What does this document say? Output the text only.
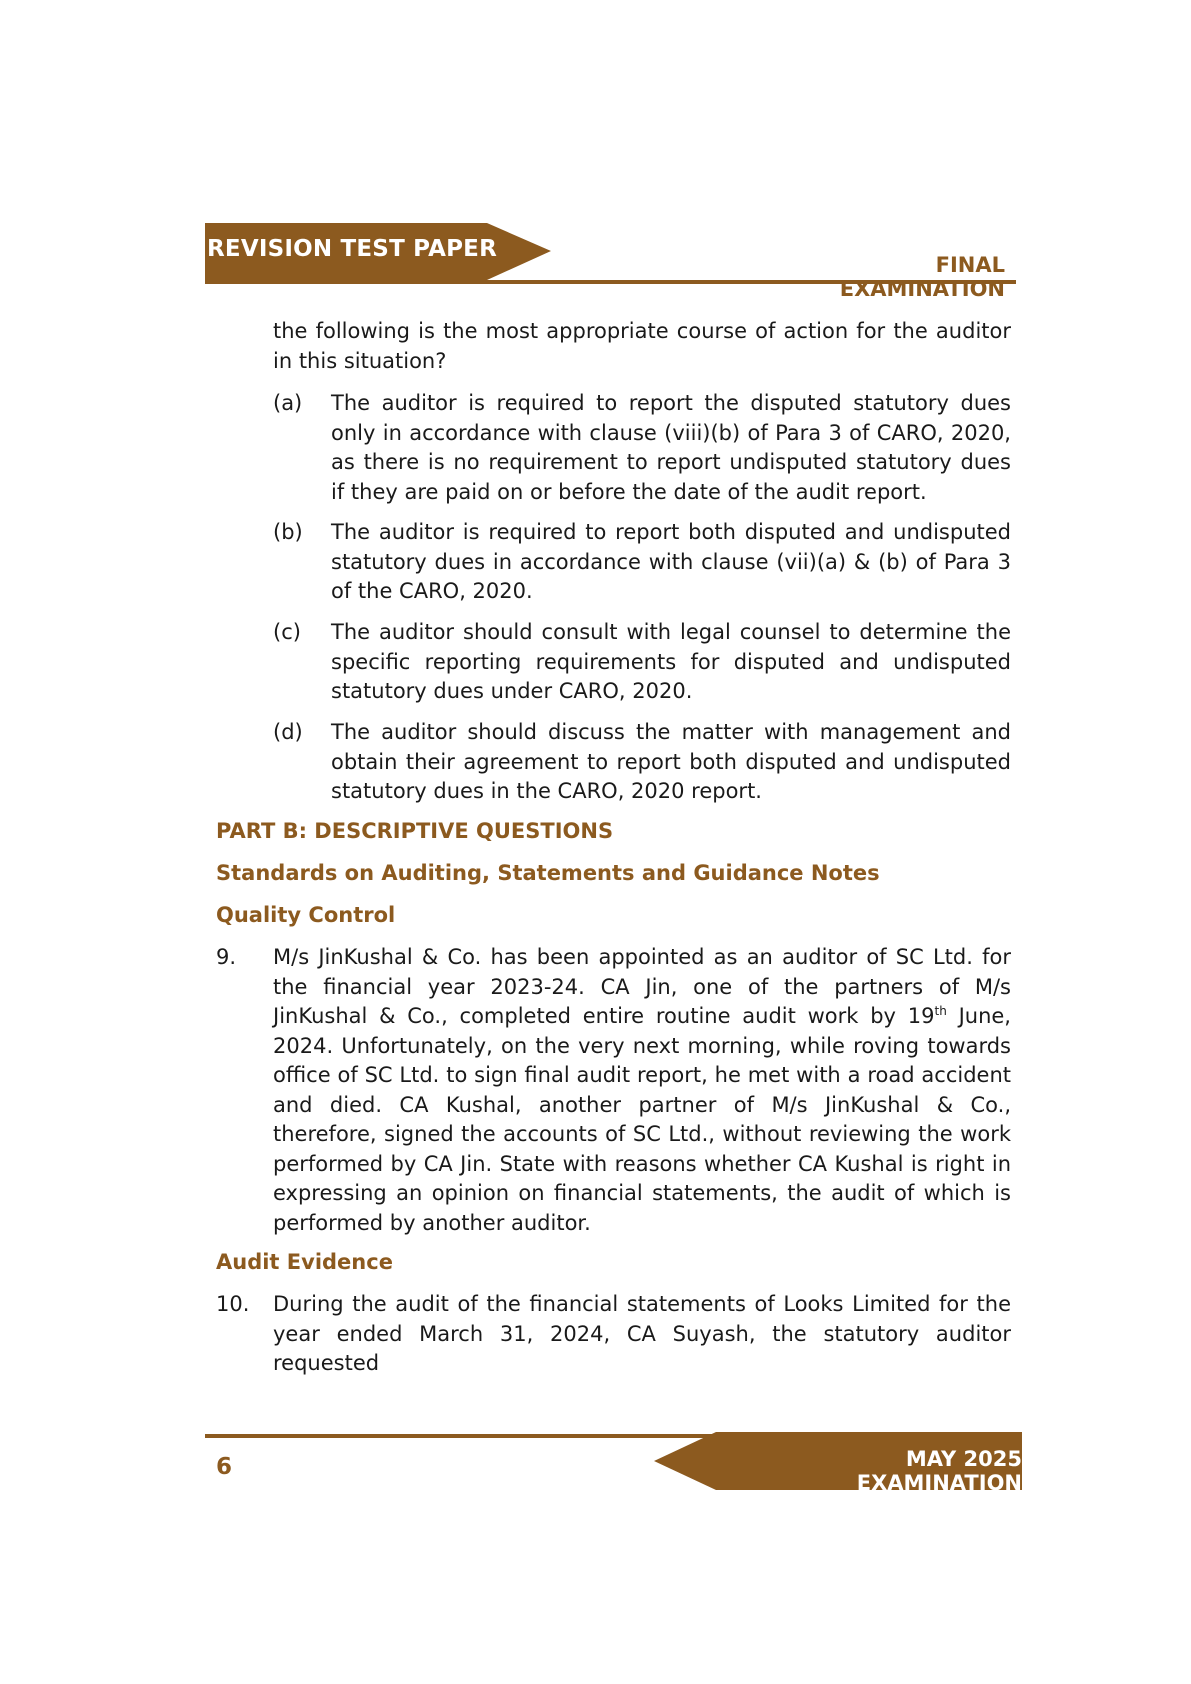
REVISION TEST PAPER
FINAL EXAMINATION
the following is the most appropriate course of action for the auditor in this situation?
(a) The auditor is required to report the disputed statutory dues only in accordance with clause (viii)(b) of Para 3 of CARO, 2020, as there is no requirement to report undisputed statutory dues if they are paid on or before the date of the audit report.
(b) The auditor is required to report both disputed and undisputed statutory dues in accordance with clause (vii)(a) & (b) of Para 3 of the CARO, 2020.
(c) The auditor should consult with legal counsel to determine the specific reporting requirements for disputed and undisputed statutory dues under CARO, 2020.
(d) The auditor should discuss the matter with management and obtain their agreement to report both disputed and undisputed statutory dues in the CARO, 2020 report.
PART B: DESCRIPTIVE QUESTIONS
Standards on Auditing, Statements and Guidance Notes
Quality Control
9. M/s JinKushal & Co. has been appointed as an auditor of SC Ltd. for the financial year 2023-24. CA Jin, one of the partners of M/s JinKushal & Co., completed entire routine audit work by 19th June, 2024. Unfortunately, on the very next morning, while roving towards office of SC Ltd. to sign final audit report, he met with a road accident and died. CA Kushal, another partner of M/s JinKushal & Co., therefore, signed the accounts of SC Ltd., without reviewing the work performed by CA Jin. State with reasons whether CA Kushal is right in expressing an opinion on financial statements, the audit of which is performed by another auditor.
Audit Evidence
10. During the audit of the financial statements of Looks Limited for the year ended March 31, 2024, CA Suyash, the statutory auditor requested
MAY 2025 EXAMINATION
6
